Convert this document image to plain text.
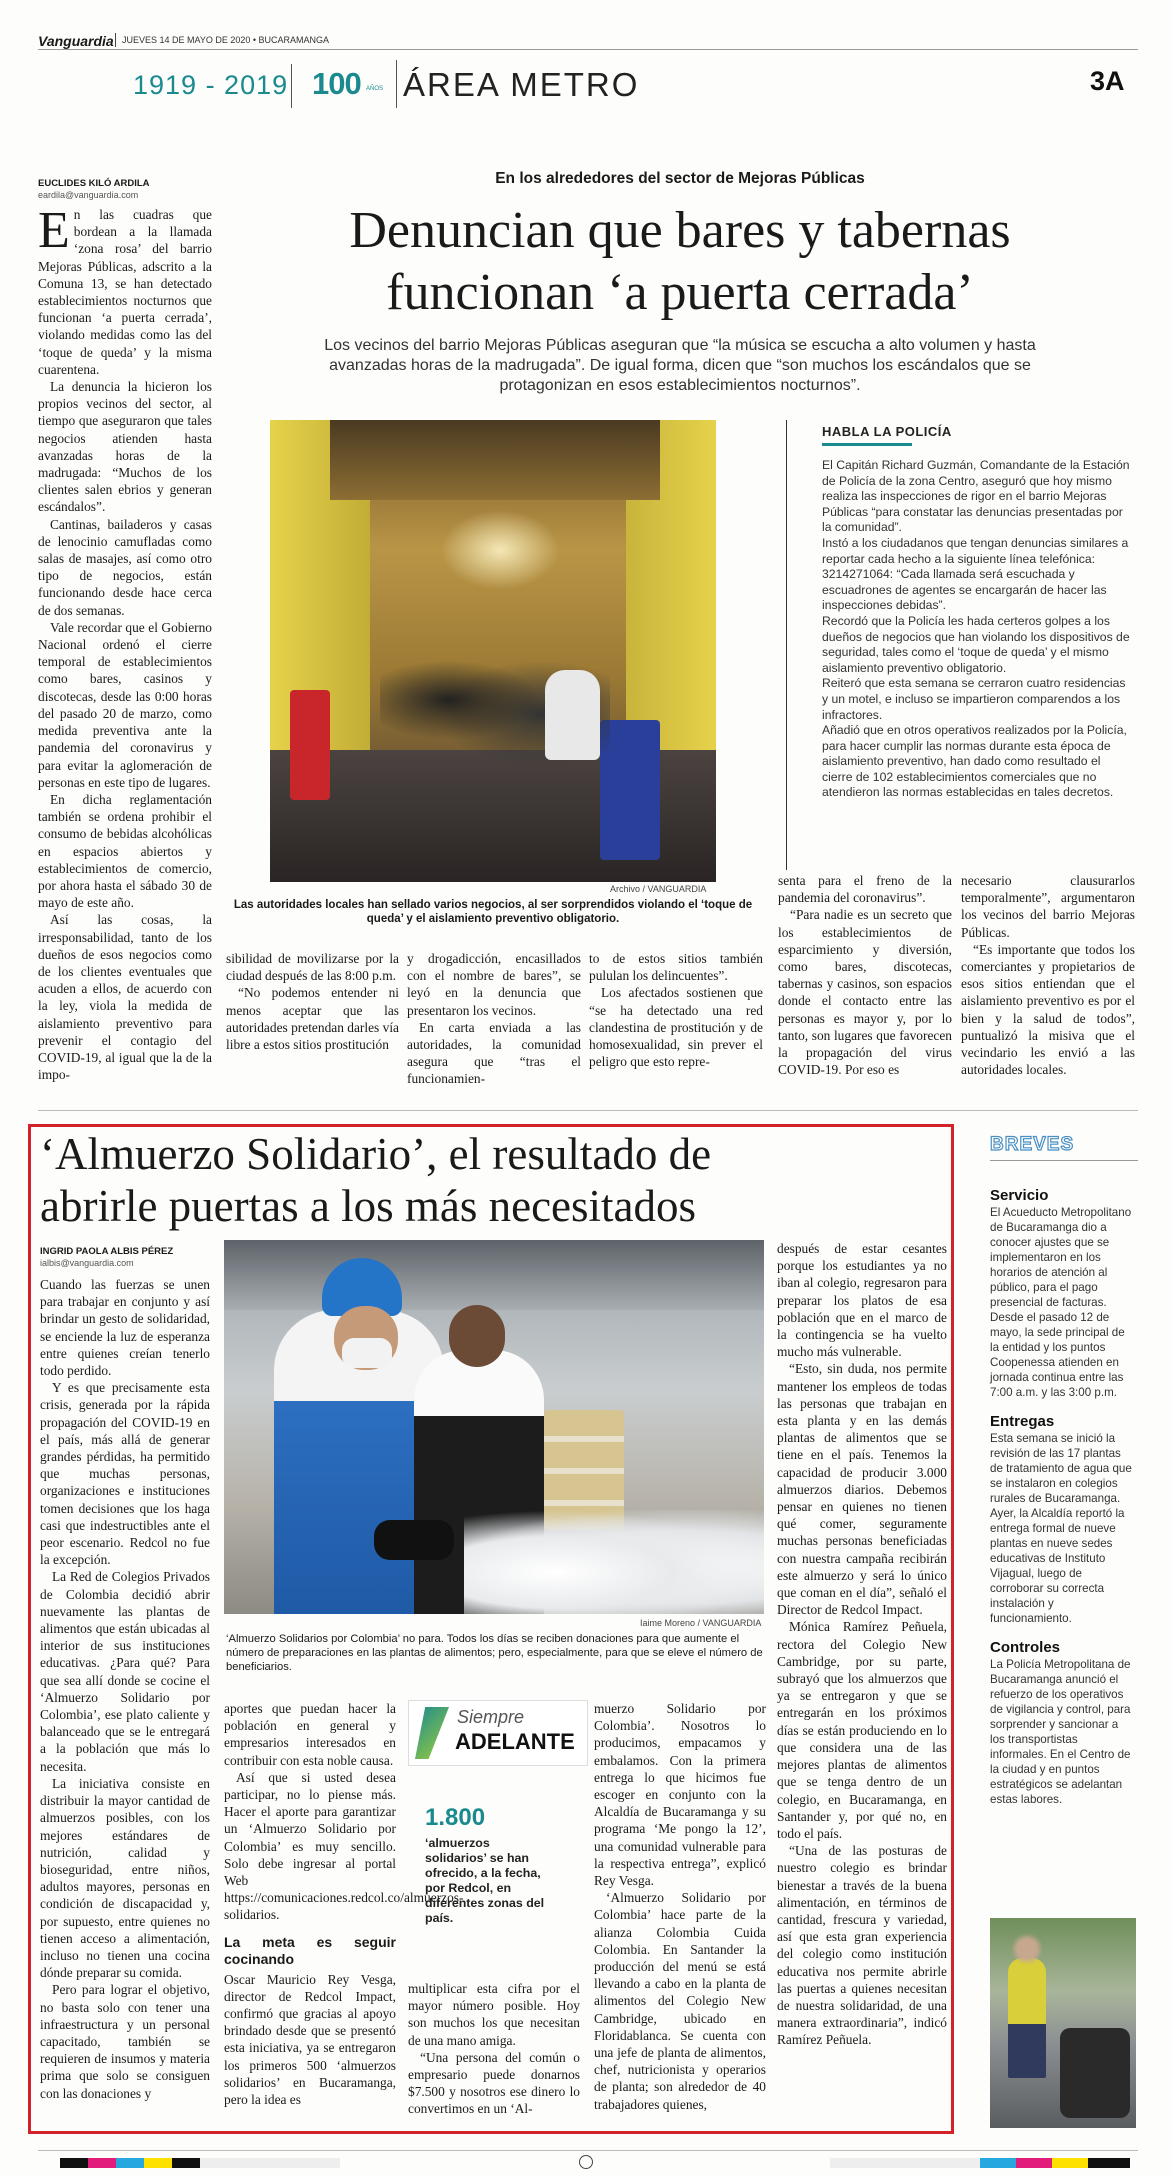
Vanguardia JUEVES 14 DE MAYO DE 2020 • BUCARAMANGA
1919 - 2019 100 AÑOS ÁREA METRO	3A
EUCLIDES KILÓ ARDILA
eardila@vanguardia.com
En los alrededores del sector de Mejoras Públicas
Denuncian que bares y tabernas
funcionan ‘a puerta cerrada’
Los vecinos del barrio Mejoras Públicas aseguran que “la música se escucha a alto volumen y hasta avanzadas horas de la madrugada”. De igual forma, dicen que “son muchos los escándalos que se protagonizan en esos establecimientos nocturnos”.
E n las cuadras que bordean a la llamada ‘zona rosa’ del barrio Mejoras Públicas, adscrito a la Comuna 13, se han detectado establecimientos nocturnos que funcionan ‘a puerta cerrada’, violando medidas como las del ‘toque de queda’ y la misma cuarentena.

La denuncia la hicieron los propios vecinos del sector, al tiempo que aseguraron que tales negocios atienden hasta avanzadas horas de la madrugada: “Muchos de los clientes salen ebrios y generan escándalos”.

Cantinas, bailaderos y casas de lenocinio camufladas como salas de masajes, así como otro tipo de negocios, están funcionando desde hace cerca de dos semanas.

Vale recordar que el Gobierno Nacional ordenó el cierre temporal de establecimientos como bares, casinos y discotecas, desde las 0:00 horas del pasado 20 de marzo, como medida preventiva ante la pandemia del coronavirus y para evitar la aglomeración de personas en este tipo de lugares.

En dicha reglamentación también se ordena prohibir el consumo de bebidas alcohólicas en espacios abiertos y establecimientos de comercio, por ahora hasta el sábado 30 de mayo de este año.

Así las cosas, la irresponsabilidad, tanto de los dueños de esos negocios como de los clientes eventuales que acuden a ellos, de acuerdo con la ley, viola la medida de aislamiento preventivo para prevenir el contagio del COVID-19, al igual que la de la impo-

Archivo / VANGUARDIA
Las autoridades locales han sellado varios negocios, al ser sorprendidos violando el ‘toque de queda’ y el aislamiento preventivo obligatorio.
HABLA LA POLICÍA
El Capitán Richard Guzmán, Comandante de la Estación de Policía de la zona Centro, aseguró que hoy mismo realiza las inspecciones de rigor en el barrio Mejoras Públicas “para constatar las denuncias presentadas por la comunidad”.
Instó a los ciudadanos que tengan denuncias similares a reportar cada hecho a la siguiente línea telefónica: 3214271064: “Cada llamada será escuchada y escuadrones de agentes se encargarán de hacer las inspecciones debidas”.
Recordó que la Policía les hada certeros golpes a los dueños de negocios que han violando los dispositivos de seguridad, tales como el ‘toque de queda’ y el mismo aislamiento preventivo obligatorio.
Reiteró que esta semana se cerraron cuatro residencias y un motel, e incluso se impartieron comparendos a los infractores.
Añadió que en otros operativos realizados por la Policía, para hacer cumplir las normas durante esta época de aislamiento preventivo, han dado como resultado el cierre de 102 establecimientos comerciales que no atendieron las normas establecidas en tales decretos.

sibilidad de movilizarse por la ciudad después de las 8:00 p.m.

“No podemos entender ni menos aceptar que las autoridades pretendan darles vía libre a estos sitios prostitución

y drogadicción, encasillados con el nombre de bares”, se leyó en la denuncia que presentaron los vecinos.

En carta enviada a las autoridades, la comunidad asegura que “tras el funcionamien-

to de estos sitios también pululan los delincuentes”.

Los afectados sostienen que “se ha detectado una red clandestina de prostitución y de homosexualidad, sin prever el peligro que esto repre-

senta para el freno de la pandemia del coronavirus”.

“Para nadie es un secreto que los establecimientos de esparcimiento y diversión, como bares, discotecas, tabernas y casinos, son espacios donde el contacto entre las personas es mayor y, por lo tanto, son lugares que favorecen la propagación del virus COVID-19. Por eso es

necesario clausurarlos temporalmente”, argumentaron los vecinos del barrio Mejoras Públicas.

“Es importante que todos los comerciantes y propietarios de esos sitios entiendan que el aislamiento preventivo es por el bien y la salud de todos”, puntualizó la misiva que el vecindario les envió a las autoridades locales.

‘Almuerzo Solidario’, el resultado de
abrirle puertas a los más necesitados
INGRID PAOLA ALBIS PÉREZ
ialbis@vanguardia.com

Cuando las fuerzas se unen para trabajar en conjunto y así brindar un gesto de solidaridad, se enciende la luz de esperanza entre quienes creían tenerlo todo perdido.

Y es que precisamente esta crisis, generada por la rápida propagación del COVID-19 en el país, más allá de generar grandes pérdidas, ha permitido que muchas personas, organizaciones e instituciones tomen decisiones que los haga casi que indestructibles ante el peor escenario. Redcol no fue la excepción.

La Red de Colegios Privados de Colombia decidió abrir nuevamente las plantas de alimentos que están ubicadas al interior de sus instituciones educativas. ¿Para qué? Para que sea allí donde se cocine el ‘Almuerzo Solidario por Colombia’, ese plato caliente y balanceado que se le entregará a la población que más lo necesita.

La iniciativa consiste en distribuir la mayor cantidad de almuerzos posibles, con los mejores estándares de nutrición, calidad y bioseguridad, entre niños, adultos mayores, personas en condición de discapacidad y, por supuesto, entre quienes no tienen acceso a alimentación, incluso no tienen una cocina dónde preparar su comida.

Pero para lograr el objetivo, no basta solo con tener una infraestructura y un personal capacitado, también se requieren de insumos y materia prima que solo se consiguen con las donaciones y

Iaime Moreno / VANGUARDIA
‘Almuerzo Solidarios por Colombia’ no para. Todos los días se reciben donaciones para que aumente el número de preparaciones en las plantas de alimentos; pero, especialmente, para que se eleve el número de beneficiarios.

aportes que puedan hacer la población en general y empresarios interesados en contribuir con esta noble causa.

Así que si usted desea participar, no lo piense más. Hacer el aporte para garantizar un ‘Almuerzo Solidario por Colombia’ es muy sencillo. Solo debe ingresar al portal Web https://comunicaciones.redcol.co/almuerzos-solidarios.

La meta es seguir cocinando

Oscar Mauricio Rey Vesga, director de Redcol Impact, confirmó que gracias al apoyo brindado desde que se presentó esta iniciativa, ya se entregaron los primeros 500 ‘almuerzos solidarios’ en Bucaramanga, pero la idea es

Siempre
ADELANTE
1.800
‘almuerzos solidarios’ se han ofrecido, a la fecha, por Redcol, en diferentes zonas del país.

multiplicar esta cifra por el mayor número posible. Hoy son muchos los que necesitan de una mano amiga.

“Una persona del común o empresario puede donarnos $7.500 y nosotros ese dinero lo convertimos en un ‘Al-

muerzo Solidario por Colombia’. Nosotros lo producimos, empacamos y embalamos. Con la primera entrega lo que hicimos fue escoger en conjunto con la Alcaldía de Bucaramanga y su programa ‘Me pongo la 12’, una comunidad vulnerable para la respectiva entrega”, explicó Rey Vesga.

‘Almuerzo Solidario por Colombia’ hace parte de la alianza Colombia Cuida Colombia. En Santander la producción del menú se está llevando a cabo en la planta de alimentos del Colegio New Cambridge, ubicado en Floridablanca. Se cuenta con una jefe de planta de alimentos, chef, nutricionista y operarios de planta; son alrededor de 40 trabajadores quienes,

después de estar cesantes porque los estudiantes ya no iban al colegio, regresaron para preparar los platos de esa población que en el marco de la contingencia se ha vuelto mucho más vulnerable.

“Esto, sin duda, nos permite mantener los empleos de todas las personas que trabajan en esta planta y en las demás plantas de alimentos que se tiene en el país. Tenemos la capacidad de producir 3.000 almuerzos diarios. Debemos pensar en quienes no tienen qué comer, seguramente muchas personas beneficiadas con nuestra campaña recibirán este almuerzo y será lo único que coman en el día”, señaló el Director de Redcol Impact.

Mónica Ramírez Peñuela, rectora del Colegio New Cambridge, por su parte, subrayó que los almuerzos que ya se entregaron y que se entregarán en los próximos días se están produciendo en lo que considera una de las mejores plantas de alimentos que se tenga dentro de un colegio, en Bucaramanga, en Santander y, por qué no, en todo el país.

“Una de las posturas de nuestro colegio es brindar bienestar a través de la buena alimentación, en términos de cantidad, frescura y variedad, así que esta gran experiencia del colegio como institución educativa nos permite abrirle las puertas a quienes necesitan de nuestra solidaridad, de una manera extraordinaria”, indicó Ramírez Peñuela.

BREVES
Servicio
El Acueducto Metropolitano de Bucaramanga dio a conocer ajustes que se implementaron en los horarios de atención al público, para el pago presencial de facturas. Desde el pasado 12 de mayo, la sede principal de la entidad y los puntos Coopenessa atienden en jornada continua entre las 7:00 a.m. y las 3:00 p.m.
Entregas
Esta semana se inició la revisión de las 17 plantas de tratamiento de agua que se instalaron en colegios rurales de Bucaramanga. Ayer, la Alcaldía reportó la entrega formal de nueve plantas en nueve sedes educativas de Instituto Vijagual, luego de corroborar su correcta instalación y funcionamiento.
Controles
La Policía Metropolitana de Bucaramanga anunció el refuerzo de los operativos de vigilancia y control, para sorprender y sancionar a los transportistas informales. En el Centro de la ciudad y en puntos estratégicos se adelantan estas labores.
